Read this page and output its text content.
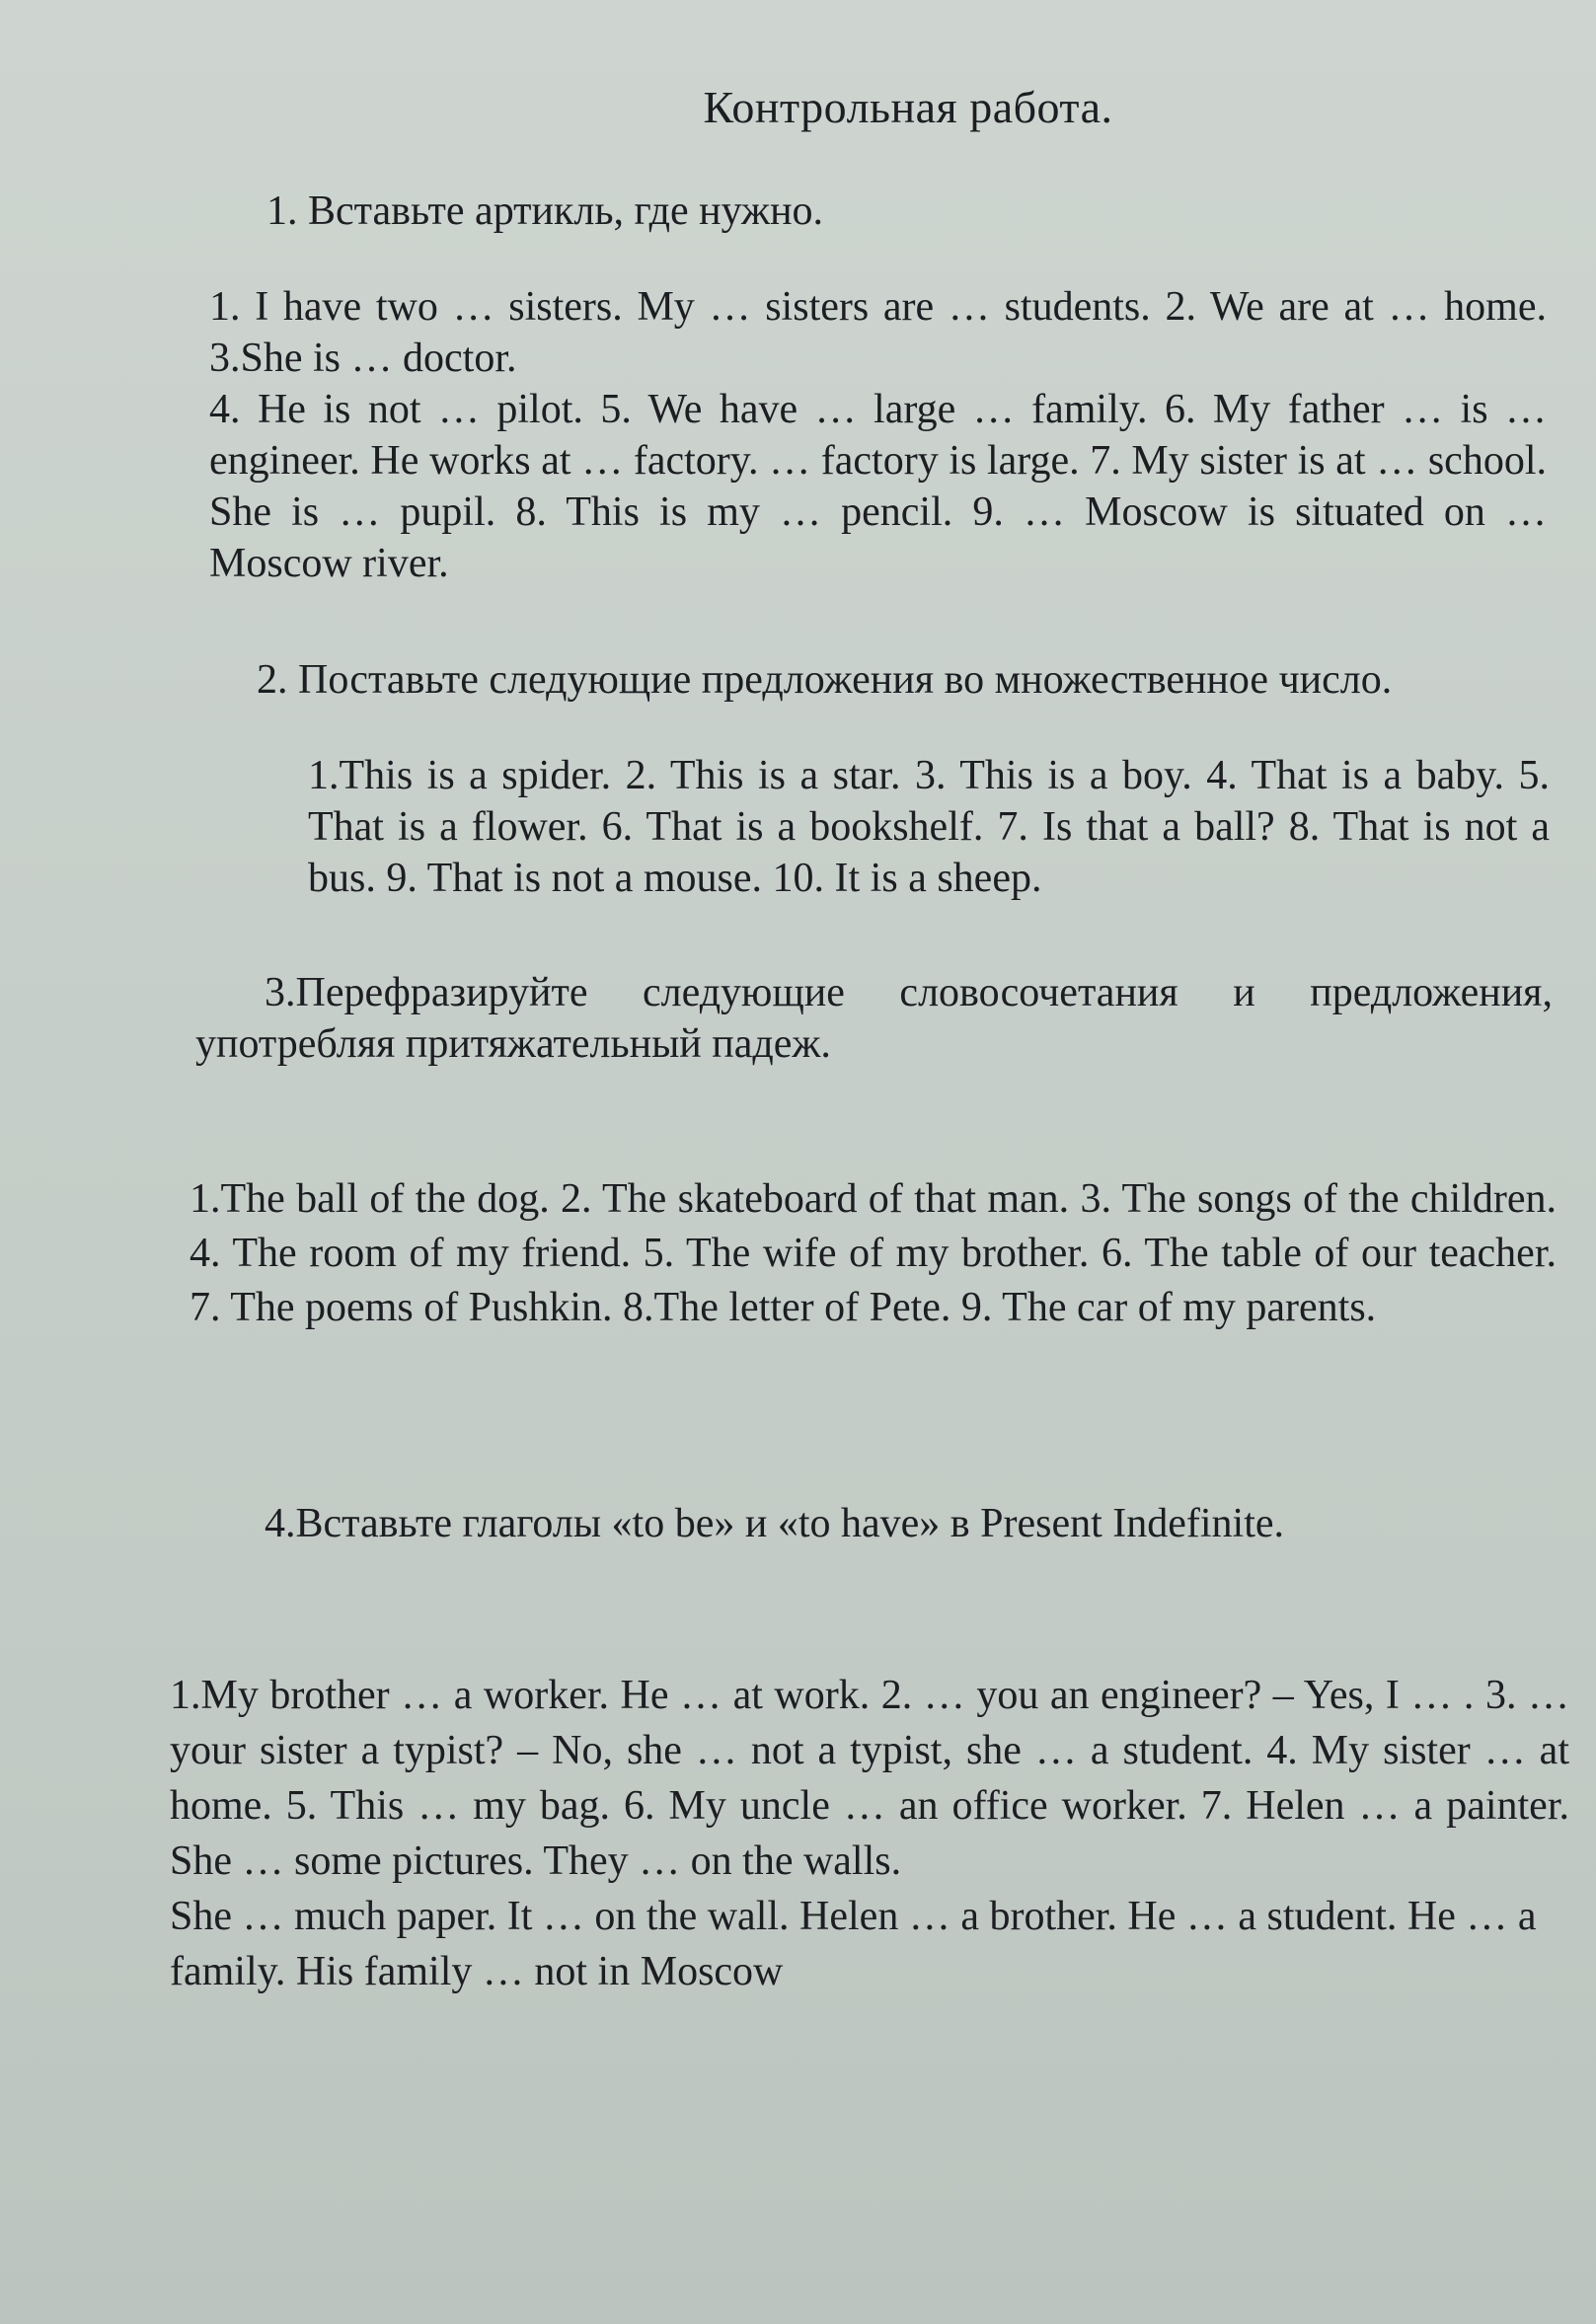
Контрольная работа.
1. Вставьте артикль, где нужно.

1. I have two … sisters. My … sisters are … students. 2. We are at … home. 3.She is … doctor.

4. He is not … pilot. 5. We have … large … family. 6. My father … is … engineer. He works at … factory. … factory is large. 7. My sister is at … school. She is … pupil. 8. This is my … pencil. 9. … Moscow is situated on … Moscow river.

2. Поставьте следующие предложения во множественное число.

1.This is a spider. 2. This is a star. 3. This is a boy. 4. That is a baby. 5. That is a flower. 6. That is a bookshelf. 7. Is that a ball? 8. That is not a bus. 9. That is not a mouse. 10. It is a sheep.

3.Перефразируйте следующие словосочетания и предложения, употребляя притяжательный падеж.

1.The ball of the dog. 2. The skateboard of that man. 3. The songs of the children. 4. The room of my friend. 5. The wife of my brother. 6. The table of our teacher. 7. The poems of Pushkin. 8.The letter of Pete. 9. The car of my parents.

4.Вставьте глаголы «to be» и «to have» в Present Indefinite.

1.My brother … a worker. He … at work. 2. … you an engineer? – Yes, I … . 3. … your sister a typist? – No, she … not a typist, she … a student. 4. My sister … at home. 5. This … my bag. 6. My uncle … an office worker. 7. Helen … a painter. She … some pictures. They … on the walls.

She … much paper. It … on the wall. Helen … a brother. He … a student. He … a family. His family … not in Moscow
